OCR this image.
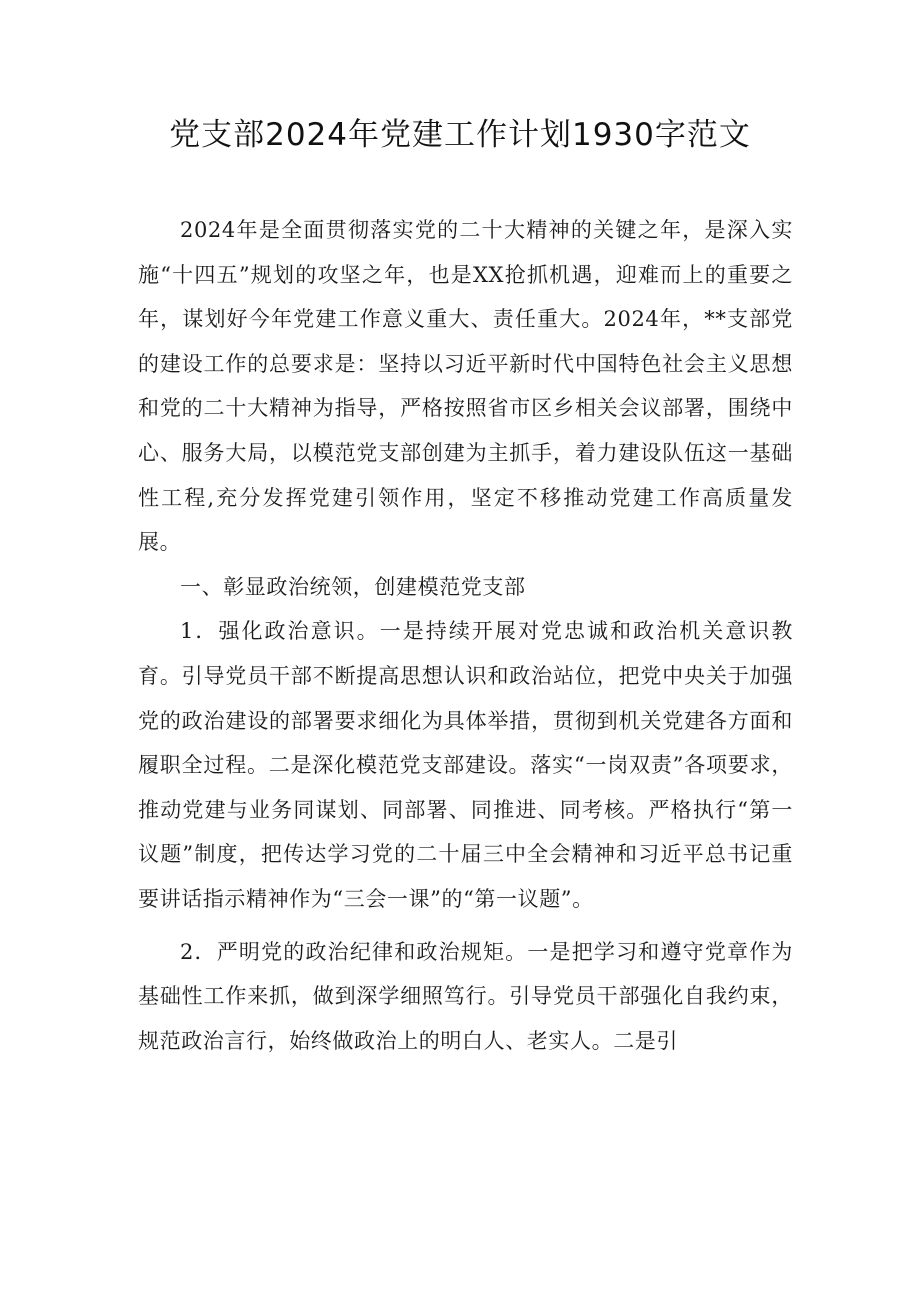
党支部2024年党建工作计划1930字范文

2024年是全面贯彻落实党的二十大精神的关键之年，是深入实施“十四五”规划的攻坚之年，也是XX抢抓机遇，迎难而上的重要之年，谋划好今年党建工作意义重大、责任重大。2024年，**支部党的建设工作的总要求是：坚持以习近平新时代中国特色社会主义思想和党的二十大精神为指导，严格按照省市区乡相关会议部署，围绕中心、服务大局，以模范党支部创建为主抓手，着力建设队伍这一基础性工程,充分发挥党建引领作用，坚定不移推动党建工作高质量发展。

一、彰显政治统领，创建模范党支部

1．强化政治意识。一是持续开展对党忠诚和政治机关意识教育。引导党员干部不断提高思想认识和政治站位，把党中央关于加强党的政治建设的部署要求细化为具体举措，贯彻到机关党建各方面和履职全过程。二是深化模范党支部建设。落实“一岗双责”各项要求，推动党建与业务同谋划、同部署、同推进、同考核。严格执行“第一议题”制度，把传达学习党的二十届三中全会精神和习近平总书记重要讲话指示精神作为“三会一课”的“第一议题”。

2．严明党的政治纪律和政治规矩。一是把学习和遵守党章作为基础性工作来抓，做到深学细照笃行。引导党员干部强化自我约束，规范政治言行，始终做政治上的明白人、老实人。二是引
